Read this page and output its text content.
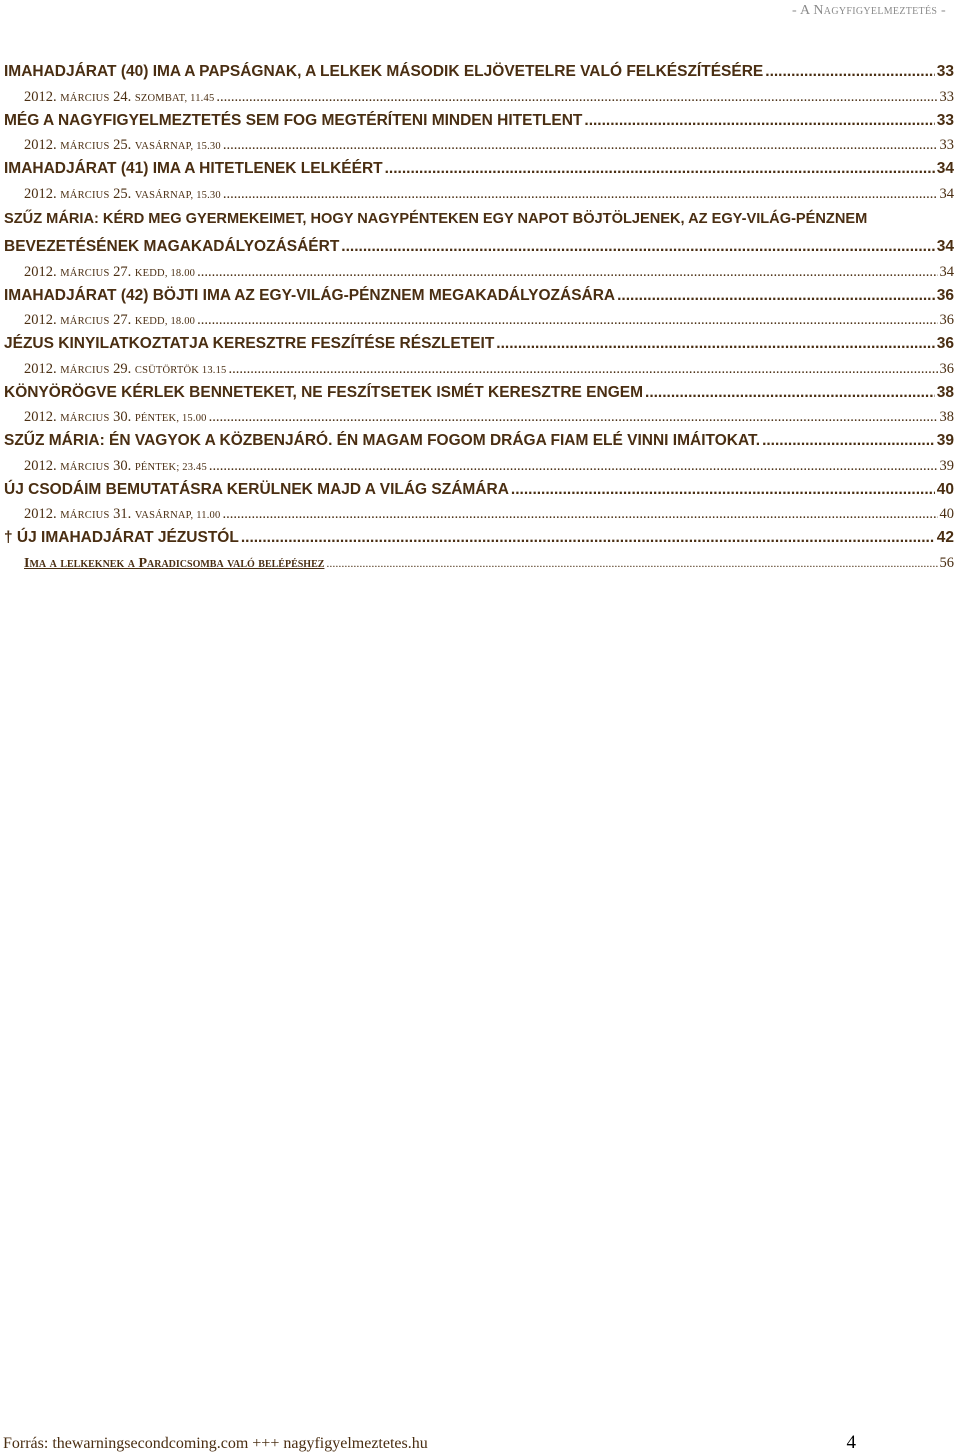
- A Nagyfigyelmeztetés -
IMAHADJÁRAT (40) IMA A PAPSÁGNAK, A LELKEK MÁSODIK ELJÖVETELRE VALÓ FELKÉSZÍTÉSÉRE .....	33
2012. MÁRCIUS 24. SZOMBAT, 11.45 .....	33
MÉG A NAGYFIGYELMEZTETÉS SEM FOG MEGTÉRÍTENI MINDEN HITETLENT .....	33
2012. MÁRCIUS 25. VASÁRNAP, 15.30 .....	33
IMAHADJÁRAT (41) IMA A HITETLENEK LELKÉÉRT .....	34
2012. MÁRCIUS 25. VASÁRNAP, 15.30 .....	34
SZŰZ MÁRIA: KÉRD MEG GYERMEKEIMET, HOGY NAGYPÉNTEKEN EGY NAPOT BÖJTÖLJENEK, AZ EGY-VILÁG-PÉNZNEM
BEVEZETÉSÉNEK MAGAKADÁLYOZÁSÁÉRT .....	34
2012. MÁRCIUS 27. KEDD, 18.00 .....	34
IMAHADJÁRAT (42) BÖJTI IMA AZ EGY-VILÁG-PÉNZNEM MEGAKADÁLYOZÁSÁRA .....	36
2012. MÁRCIUS 27. KEDD, 18.00 .....	36
JÉZUS KINYILATKOZTATJA KERESZTRE FESZÍTÉSE RÉSZLETEIT .....	36
2012. MÁRCIUS 29. CSÜTÖRTÖK 13.15 .....	36
KÖNYÖRÖGVE KÉRLEK BENNETEKET, NE FESZÍTSETEK ISMÉT KERESZTRE ENGEM .....	38
2012. MÁRCIUS 30. PÉNTEK, 15.00 .....	38
SZŰZ MÁRIA: ÉN VAGYOK A KÖZBENJÁRÓ. ÉN MAGAM FOGOM DRÁGA FIAM ELÉ VINNI IMÁITOKAT. .....	39
2012. MÁRCIUS 30. PÉNTEK; 23.45 .....	39
ÚJ CSODÁIM BEMUTATÁSRA KERÜLNEK MAJD A VILÁG SZÁMÁRA .....	40
2012. MÁRCIUS 31. VASÁRNAP, 11.00 .....	40
† ÚJ IMAHADJÁRAT JÉZUSTÓL .....	42
Ima a lelkeknek a Paradicsomba való belépéshez .....	56
Forrás: thewarningsecondcoming.com +++ nagyfigyelmeztetes.hu	4
